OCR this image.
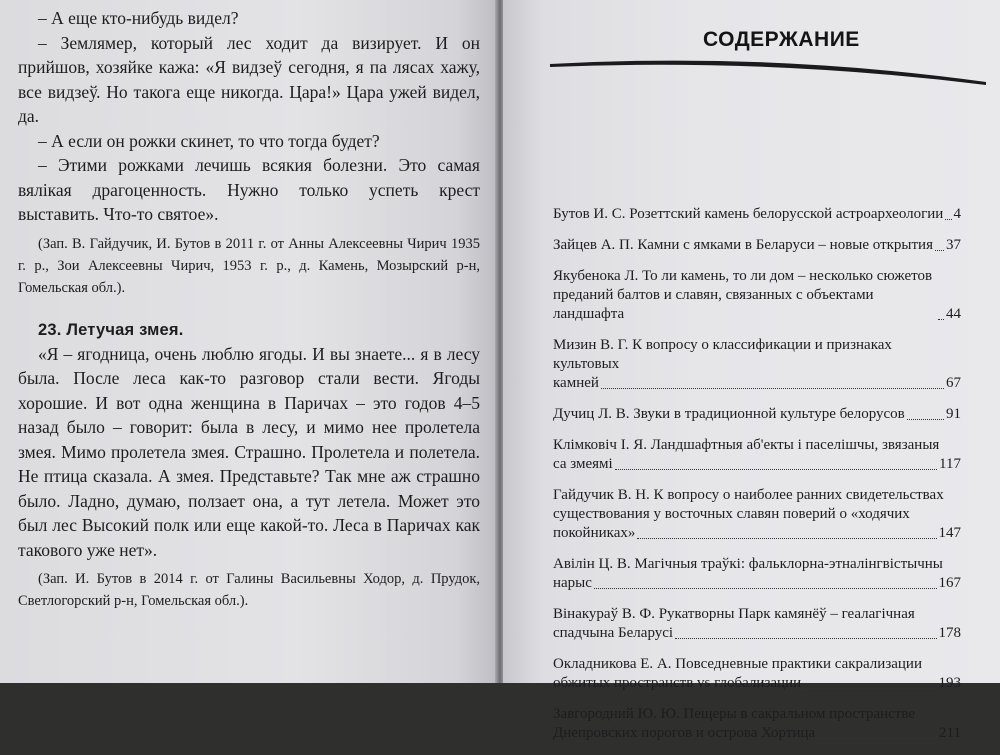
– А еще кто-нибудь видел?

– Землямер, который лес ходит да визирует. И он прийшов, хозяйке кажа: «Я видзеў сегодня, я па лясах хажу, все видзеў. Но такога еще никогда. Цара!» Цара ужей видел, да.

– А если он рожки скинет, то что тогда будет?

– Этими рожками лечишь всякия болезни. Это самая вялікая драгоценность. Нужно только успеть крест выставить. Что-то святое».

(Зап. В. Гайдучик, И. Бутов в 2011 г. от Анны Алексеевны Чирич 1935 г. р., Зои Алексеевны Чирич, 1953 г. р., д. Камень, Мозырский р-н, Гомельская обл.).

23. Летучая змея.

«Я – ягодница, очень люблю ягоды. И вы знаете... я в лесу была. После леса как-то разговор стали вести. Ягоды хорошие. И вот одна женщина в Паричах – это годов 4–5 назад было – говорит: была в лесу, и мимо нее пролетела змея. Мимо пролетела змея. Страшно. Пролетела и полетела. Не птица сказала. А змея. Представьте? Так мне аж страшно было. Ладно, думаю, ползает она, а тут летела. Может это был лес Высокий полк или еще какой-то. Леса в Паричах как такового уже нет».

(Зап. И. Бутов в 2014 г. от Галины Васильевны Ходор, д. Прудок, Светлогорский р-н, Гомельская обл.).

СОДЕРЖАНИЕ
Бутов И. С. Розеттский камень белорусской астроархеологии 4
Зайцев А. П. Камни с ямками в Беларуси – новые открытия 37
Якубенока Л. То ли камень, то ли дом – несколько сюжетов
преданий балтов и славян, связанных с объектами ландшафта	44
Мизин В. Г. К вопросу о классификации и признаках культовых
камней	67
Дучиц Л. В. Звуки в традиционной культуре белорусов	91
Клімковіч І. Я. Ландшафтныя аб'екты і паселішчы, звязаныя
са змеямі	117
Гайдучик В. Н. К вопросу о наиболее ранних свидетельствах
существования у восточных славян поверий о «ходячих
покойниках»	147
Авілін Ц. В. Магічныя траўкі: фальклорна-этналінгвістычны
нарыс	167
Вінакураў В. Ф. Рукатворны Парк камянёў – геалагічная
спадчына Беларусі	178
Окладникова Е. А. Повседневные практики сакрализации
обжитых пространств vs глобализации	193
Завгородний Ю. Ю. Пещеры в сакральном пространстве
Днепровских порогов и острова Хортица	211
